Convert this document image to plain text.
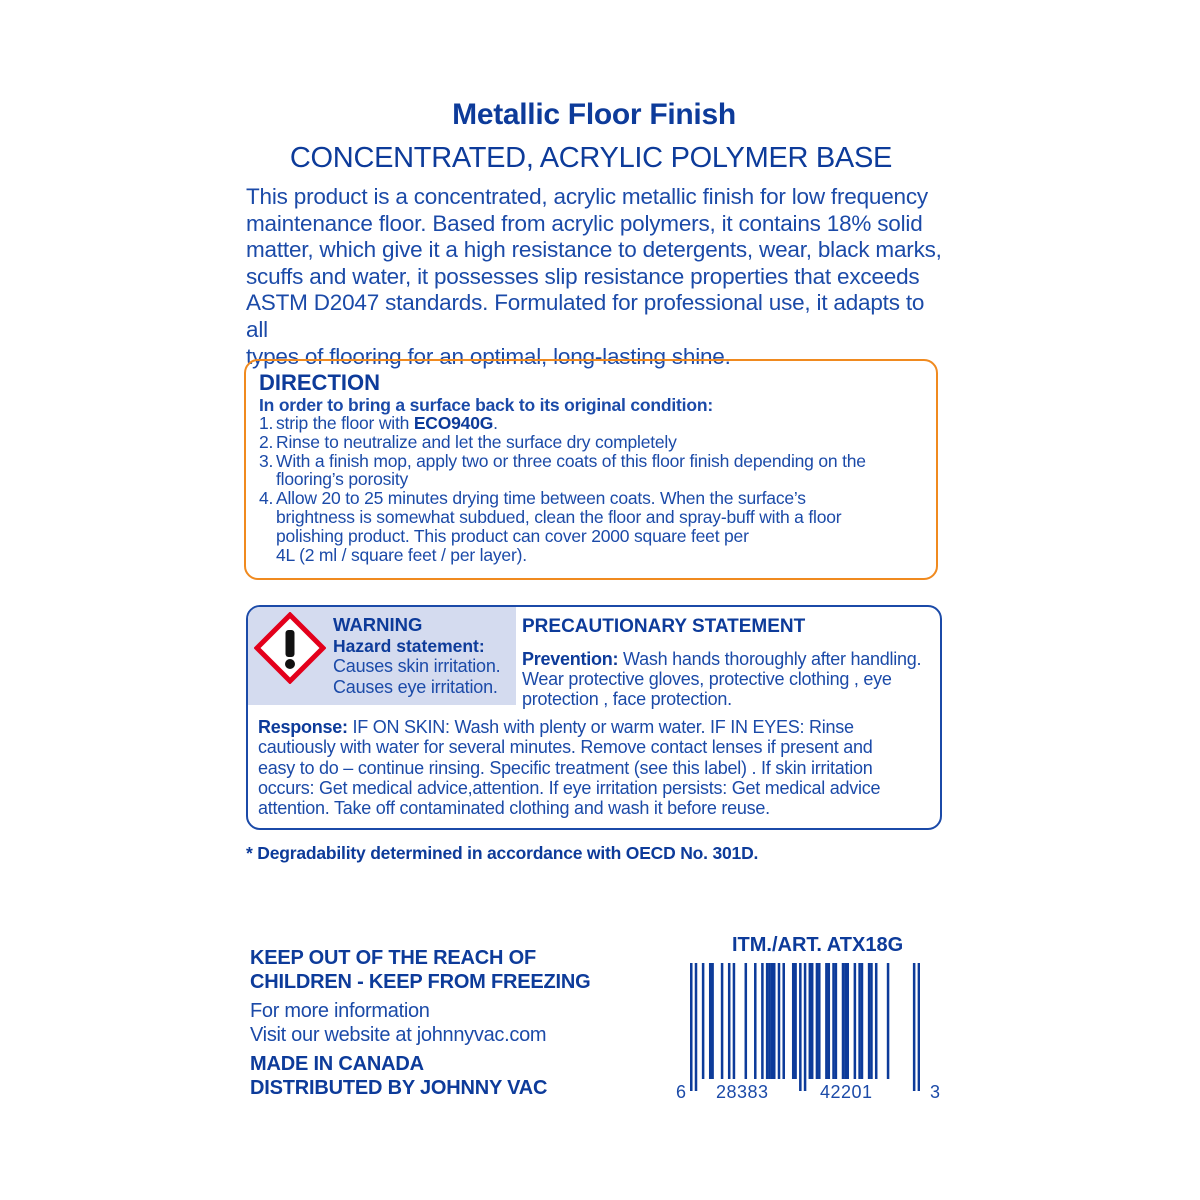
Metallic Floor Finish
CONCENTRATED, ACRYLIC POLYMER BASE
This product is a concentrated, acrylic metallic finish for low frequency
maintenance floor. Based from acrylic polymers, it contains 18% solid
matter, which give it a high resistance to detergents, wear, black marks,
scuffs and water, it possesses slip resistance properties that exceeds
ASTM D2047 standards. Formulated for professional use, it adapts to all
types of flooring for an optimal, long-lasting shine.
DIRECTION
In order to bring a surface back to its original condition:
1. strip the floor with ECO940G.
2. Rinse to neutralize and let the surface dry completely
3. With a finish mop, apply two or three coats of this floor finish depending on the
flooring’s porosity
4. Allow 20 to 25 minutes drying time between coats. When the surface’s
brightness is somewhat subdued, clean the floor and spray-buff with a floor
polishing product. This product can cover 2000 square feet per
4L (2 ml / square feet / per layer).
WARNING
Hazard statement:
Causes skin irritation.
Causes eye irritation.
PRECAUTIONARY STATEMENT
Prevention: Wash hands thoroughly after handling.
Wear protective gloves, protective clothing , eye
protection , face protection.
Response: IF ON SKIN: Wash with plenty or warm water. IF IN EYES: Rinse
cautiously with water for several minutes. Remove contact lenses if present and
easy to do – continue rinsing. Specific treatment (see this label) . If skin irritation
occurs: Get medical advice,attention. If eye irritation persists: Get medical advice
attention. Take off contaminated clothing and wash it before reuse.
* Degradability determined in accordance with OECD No. 301D.
KEEP OUT OF THE REACH OF
CHILDREN - KEEP FROM FREEZING
For more information
Visit our website at johnnyvac.com
MADE IN CANADA
DISTRIBUTED BY JOHNNY VAC
ITM./ART. ATX18G
6 28383	42201	3
